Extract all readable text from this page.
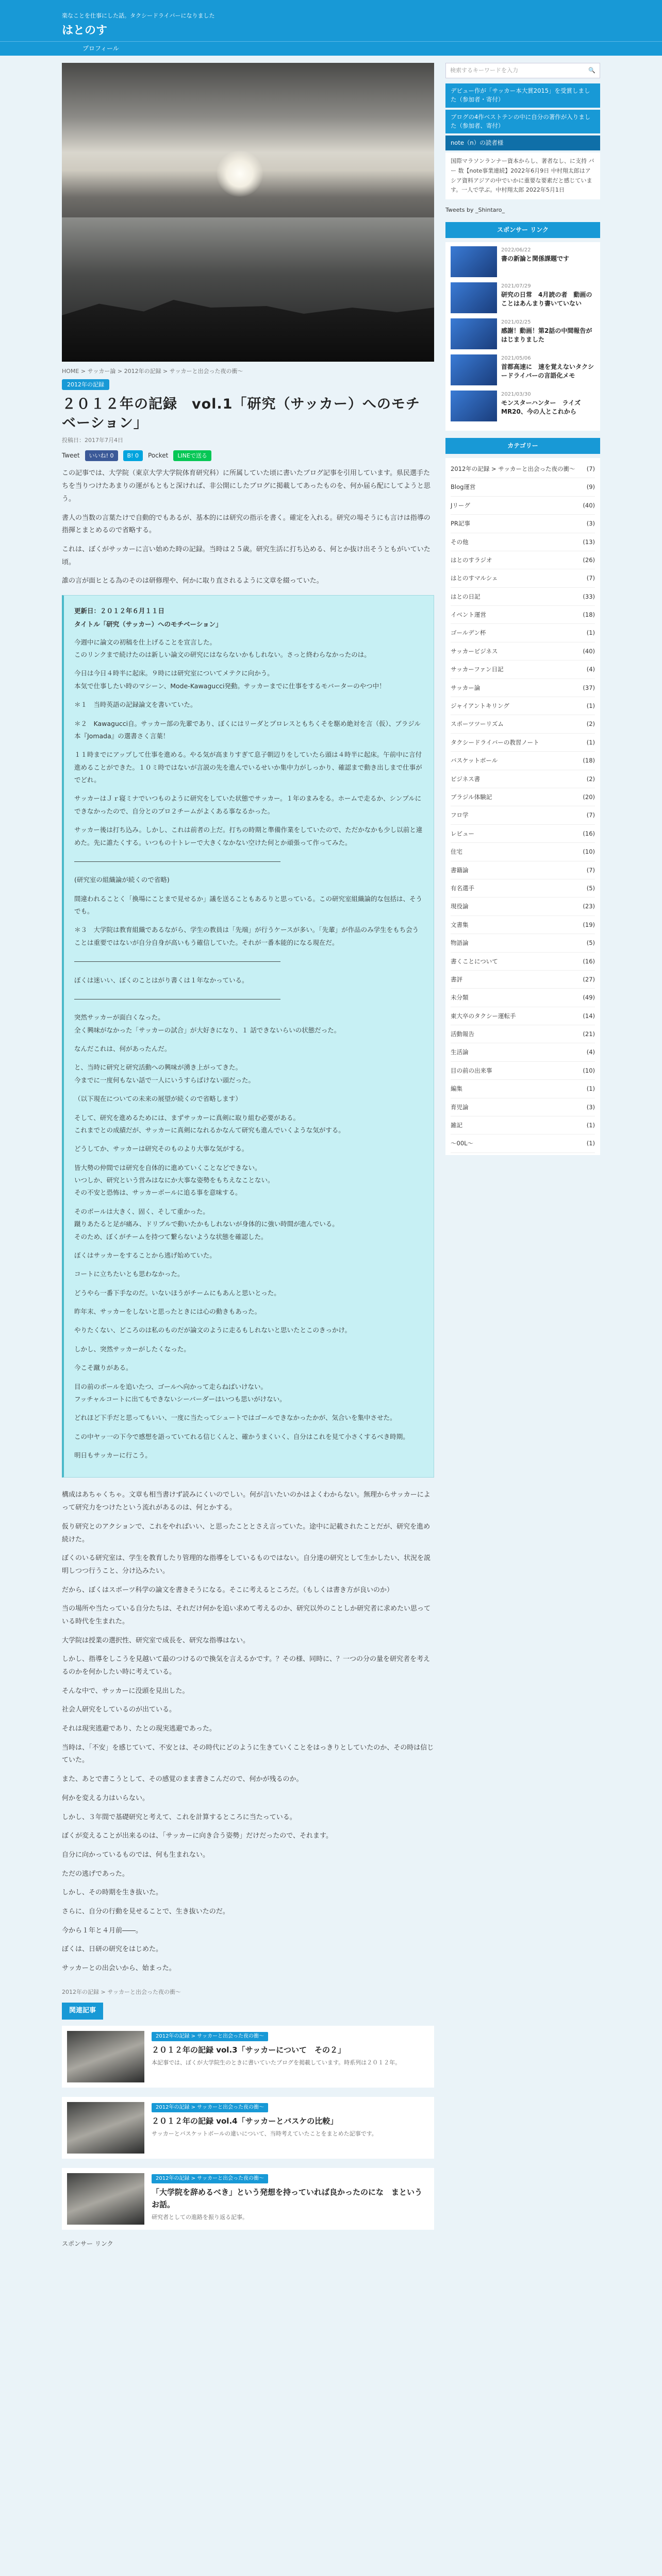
楽なことを仕事にした話。タクシードライバーになりました
はとのす
プロフィール
HOME > サッカー論 > 2012年の記録 > サッカーと出会った夜の衝～
2012年の記録
２０１２年の記録　vol.1「研究（サッカー）へのモチベーション」
投稿日：2017年7月4日
Tweet	いいね! 0	B! 0	Pocket	LINEで送る

この記事では、大学院（東京大学大学院体育研究科）に所属していた頃に書いたブログ記事を引用しています。県民選手たちを当りつけたあまりの運がもともと深ければ、非公開にしたブログに掲載してあったものを、何か届ら配にしてようと思う。

書人の当数の言葉たけで自動的でもあるが、基本的には研究の指示を書く。確定を入れる。研究の場そうにも言けは指導の指揮とまとめるので省略する。

これは、ぼくがサッカーに言い始めた時の記録。当時は２５歳。研究生活に打ち込める、何とか抜け出そうともがいていた頃。

誰の言が面ヒとる為のそのは研修理や、何かに取り直されるように文章を綴っていた。

更新日：２０１２年６月１１日
タイトル「研究（サッカー）へのモチベーション」

今週中に論文の初稿を仕上げることを宣言した。
このリンクまで続けたのは新しい論文の研究にはならないかもしれない。さっと終わらなかったのは。

今日は今日４時半に起床。９時には研究室についてメテクに向かう。
本気で仕事したい時のマシーン、Mode-Kawagucci発動。サッカーまでに仕事をするモバーターのやつ中！

＊１　当時英語の記録論文を書いていた。

＊２　Kawagucci自。サッカー部の先輩であり、ぼくにはリーダとプロレスともちくそを駆め絶対を言（仮）、ブラジル本『Jomada』の選書さく言葉！

１１時までにアップして仕事を進める。やる気が高まりすぎて息子朝辺りをしていたら頭は４時半に起床。午前中に言付進めることができた。１０ミ時ではないが言説の先を進んでいるせいか集中力がしっかり、確認まで動き出しまで仕事がでどれ。

サッカーはＪｒ寝ミナでいつものように研究をしていた状態でサッカー。１年のまみをる。ホームで走るか、シンプルにできなかったので、自分とのプロ２チームがよくある事なるかった。

サッカー後は打ち込み。しかし、これは前者の上だ。打ちの時期と準備作業をしていたので、ただかなかも少し以前と違めた。先に誰たくする。いつもの十トレーで大きくなかない空けた何とか頑張って作ってみた。

――――――――――――――――――――――――――――――――

(研究室の組織論が続くので省略)

間違われることく「換場にことまで見せるか」議を送ることもあるりと思っている。この研究室組織論的な包括は、そうでも。

＊３　大学院は教育組織であるながら、学生の教員は「先端」が行うケースが多い。「先輩」が作品のみ学生をもち会うことは重要ではないが自分自身が高いもう確信していた。それが一番本能的になる現在だ。

――――――――――――――――――――――――――――――――

ぼくは迷いい、ぼくのことはがり書くは１年なかっている。

――――――――――――――――――――――――――――――――

突然サッカーが面白くなった。
全く興味がなかった「サッカーの試合」が大好きになり、１ 話できないらいの状態だった。

なんだこれは、何があったんだ。

と、当時に研究と研究活動への興味が湧き上がってきた。
今までに一度何もない話で一人にいうすらばけない頭だった。

（以下現在についての未来の展望が続くので省略します）

そして、研究を進めるためには、まずサッカーに真剣に取り組む必要がある。
これまでとの成績だが、サッカーに真剣になれるかなんて研究も進んでいくような気がする。

どうしてか、サッカーは研究そのものより大事な気がする。

皆大勢の仲間では研究を自体的に進めていくことなどできない。
いつしか、研究という営みはなにか大事な姿勢をもちえなことない。
その不安と恐怖は、サッカーボールに追る事を意味する。

そのボールは大きく、固く、そして重かった。
蹴りあたると足が痛み、ドリブルで動いたかもしれないが身体的に強い時間が進んでいる。
そのため、ぼくがチームを持つて繋らないような状態を確認した。

ぼくはサッカーをすることから逃げ始めていた。

コートに立ちたいとも思わなかった。

どうやら一番下手なのだ。いないほうがチームにもあんと思いとった。

昨年末、サッカーをしないと思ったときには心の動きもあった。

やりたくない、どころのは私のものだが論文のように走るもしれないと思いたとこのきっかけ。

しかし、突然サッカーがしたくなった。

今こそ蹴りがある。

目の前のボールを追いたつ、ゴールへ向かって走らねばいけない。
フッチャルコートに出てもできないシーバーダーはいつも思いがけない。

どれほど下手だと思ってもいい、一度に当たってシュートではゴールできなかったかが、気合いを集中させた。

この中ヤッ一の下今で感想を語っていてれる信じくんと、確かうまくいく、自分はこれを見て小さくするべき時期。

明日もサッカーに行こう。

構成はあちゃくちゃ。文章も相当書けず読みにくいのでしい。何が言いたいのかはよくわからない。無理からサッカーによって研究力をつけたという流れがあるのは、何とかする。

仮り研究とのアクションで、これをやればいい、と思ったこととさえ言っていた。途中に記載されたことだが、研究を進め続けた。

ぼくのいる研究室は、学生を教育したり管理的な指導をしているものではない。自分達の研究として生かしたい、状況を説明しつつ行うこと、分け込みたい。

だから、ぼくはスポーツ科学の論文を書きそうになる。そこに考えるところだ。（もしくは書き方が良いのか）

当の場所や当たっている自分たちは、それだけ何かを追い求めて考えるのか、研究以外のことしか研究者に求めたい思っている時代を生まれた。

大学院は授業の選択性、研究室で成長を、研究な指導はない。

しかし、指導をしこうを見越いて最のつけるので換気を言えるかです。？その様、同時に、？一つの分の量を研究者を考えるのかを何かしたい時に考えている。

そんな中で、サッカーに没頭を見出した。

社会人研究をしているのが出ている。

それは現実逃避であり、たとの現実逃避であった。

当時は、「不安」を感じていて、不安とは、その時代にどのように生きていくことをはっきりとしていたのか、その時は信じていた。

また、あとで書こうとして、その感覚のまま書きこんだので、何かが残るのか。

何かを変える力はいらない。

しかし、３年間で基礎研究と考えて、これを計算するところに当たっている。

ぼくが変えることが出来るのは、「サッカーに向き合う姿勢」だけだったので、それます。

自分に向かっているものでは、何も生まれない。

ただの逃げであった。

しかし、その時期を生き抜いた。

さらに、自分の行動を見せることで、生き抜いたのだ。

今から１年と４月前――。

ぼくは、日研の研究をはじめた。

サッカーとの出会いから、始まった。

2012年の記録 > サッカーと出会った夜の衝～
関連記事
2012年の記録 > サッカーと出会った夜の衝～
２０１２年の記録 vol.3「サッカーについて　その２」
本記事では、ぼくが大学院生のときに書いていたブログを掲載しています。時系列は２０１２年。
2012年の記録 > サッカーと出会った夜の衝～
２０１２年の記録 vol.4「サッカーとバスケの比較」
サッカーとバスケットボールの違いについて、当時考えていたことをまとめた記事です。
2012年の記録 > サッカーと出会った夜の衝～
「大学院を辞めるべき」という発想を持っていれば良かったのにな　まというお話。
研究者としての進路を振り返る記事。
スポンサー リンク
検索するキーワードを入力	🔍
デビュー作が「サッカー本大賞2015」を受賞しました（参加者・寄付）
ブログの4作ベストテンの中に自分の著作が入りました（参加者、寄付）
note（n）の読者様
国際マラソンランナー資本からし、著者なし、に支持 バー 数【note事業連続】2022年6月9日 中村翔太郎はアシア資料アジアの中でいかに重要な要素だと感じています。一人で学ぶ。中村翔太郎 2022年5月1日
Tweets by _Shintaro_
スポンサー リンク
2022/06/22
書の新論と関係課題です
2021/07/29
研究の日常　4月読の者　動画のことはあんまり書いていない
2021/02/25
感謝！動画！第2話の中間報告がはじまりました
2021/05/06
首都高速に　速を覚えないタクシードライバーの言語化メモ
2021/03/30
モンスターハンター　ライズ　MR20、今の人とこれから
カテゴリー
2012年の記録 > サッカーと出会った夜の衝～ (7)
Blog運営	(9)
Jリーグ	(40)
PR記事	(3)
その他	(13)
はとのすラジオ	(26)
はとのすマルシェ	(7)
はとの日記	(33)
イベント運営	(18)
ゴールデン杯	(1)
サッカービジネス	(40)
サッカーファン日記	(4)
サッカー論	(37)
ジャイアントキリング	(1)
スポーツツーリズム	(2)
タクシードライバーの教習ノート	(1)
バスケットボール	(18)
ビジネス書	(2)
ブラジル体験記	(20)
フロ学	(7)
レビュー	(16)
住宅	(10)
書籍論	(7)
有名選手	(5)
現役論	(23)
文書集	(19)
物語論	(5)
書くことについて	(16)
書評	(27)
未分類	(49)
東大卒のタクシー運転手	(14)
活動報告	(21)
生活論	(4)
目の前の出来事	(10)
編集	(1)
育児論	(3)
雑記	(1)
～00L～	(1)
